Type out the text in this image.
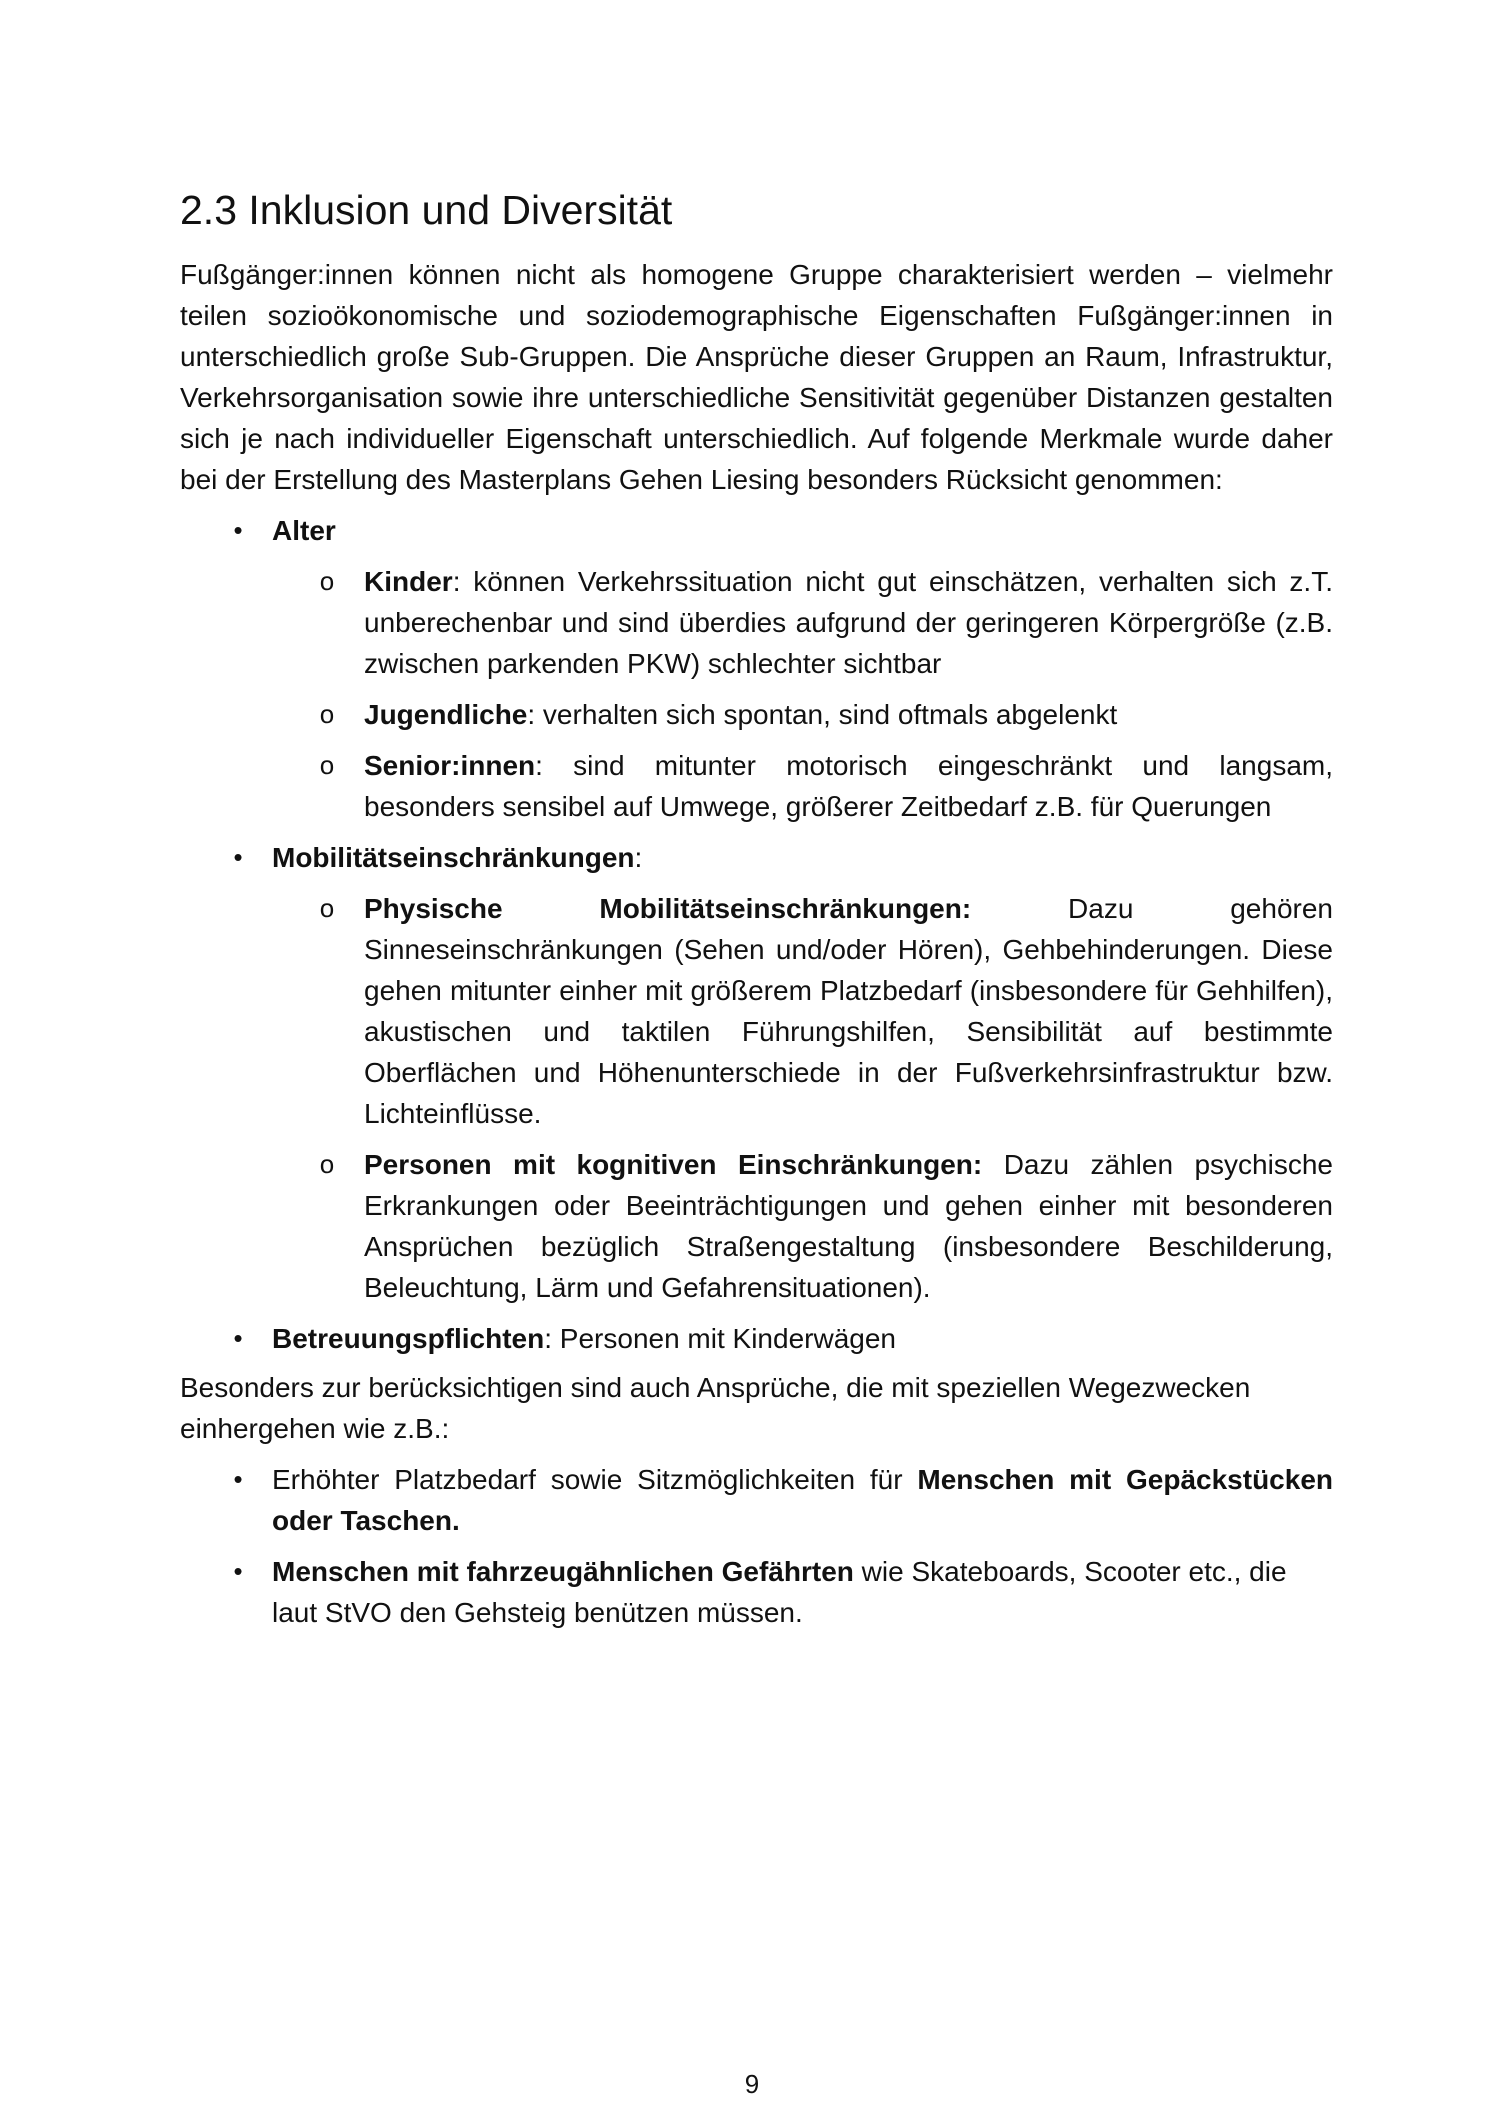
2.3 Inklusion und Diversität

Fußgänger:innen können nicht als homogene Gruppe charakterisiert werden – vielmehr teilen sozioökonomische und soziodemographische Eigenschaften Fußgänger:innen in unterschiedlich große Sub-Gruppen. Die Ansprüche dieser Gruppen an Raum, Infrastruktur, Verkehrsorganisation sowie ihre unterschiedliche Sensitivität gegenüber Distanzen gestalten sich je nach individueller Eigenschaft unterschiedlich. Auf folgende Merkmale wurde daher bei der Erstellung des Masterplans Gehen Liesing besonders Rücksicht genommen:

• Alter
o Kinder: können Verkehrssituation nicht gut einschätzen, verhalten sich z.T. unberechenbar und sind überdies aufgrund der geringeren Körpergröße (z.B. zwischen parkenden PKW) schlechter sichtbar
o Jugendliche: verhalten sich spontan, sind oftmals abgelenkt
o Senior:innen: sind mitunter motorisch eingeschränkt und langsam, besonders sensibel auf Umwege, größerer Zeitbedarf z.B. für Querungen
• Mobilitätseinschränkungen:
o Physische Mobilitätseinschränkungen: Dazu gehören Sinneseinschränkungen (Sehen und/oder Hören), Gehbehinderungen. Diese gehen mitunter einher mit größerem Platzbedarf (insbesondere für Gehhilfen), akustischen und taktilen Führungshilfen, Sensibilität auf bestimmte Oberflächen und Höhenunterschiede in der Fußverkehrsinfrastruktur bzw. Lichteinflüsse.
o Personen mit kognitiven Einschränkungen: Dazu zählen psychische Erkrankungen oder Beeinträchtigungen und gehen einher mit besonderen Ansprüchen bezüglich Straßengestaltung (insbesondere Beschilderung, Beleuchtung, Lärm und Gefahrensituationen).
• Betreuungspflichten: Personen mit Kinderwägen

Besonders zur berücksichtigen sind auch Ansprüche, die mit speziellen Wegezwecken einhergehen wie z.B.:

• Erhöhter Platzbedarf sowie Sitzmöglichkeiten für Menschen mit Gepäckstücken oder Taschen.
• Menschen mit fahrzeugähnlichen Gefährten wie Skateboards, Scooter etc., die laut StVO den Gehsteig benützen müssen.
9
